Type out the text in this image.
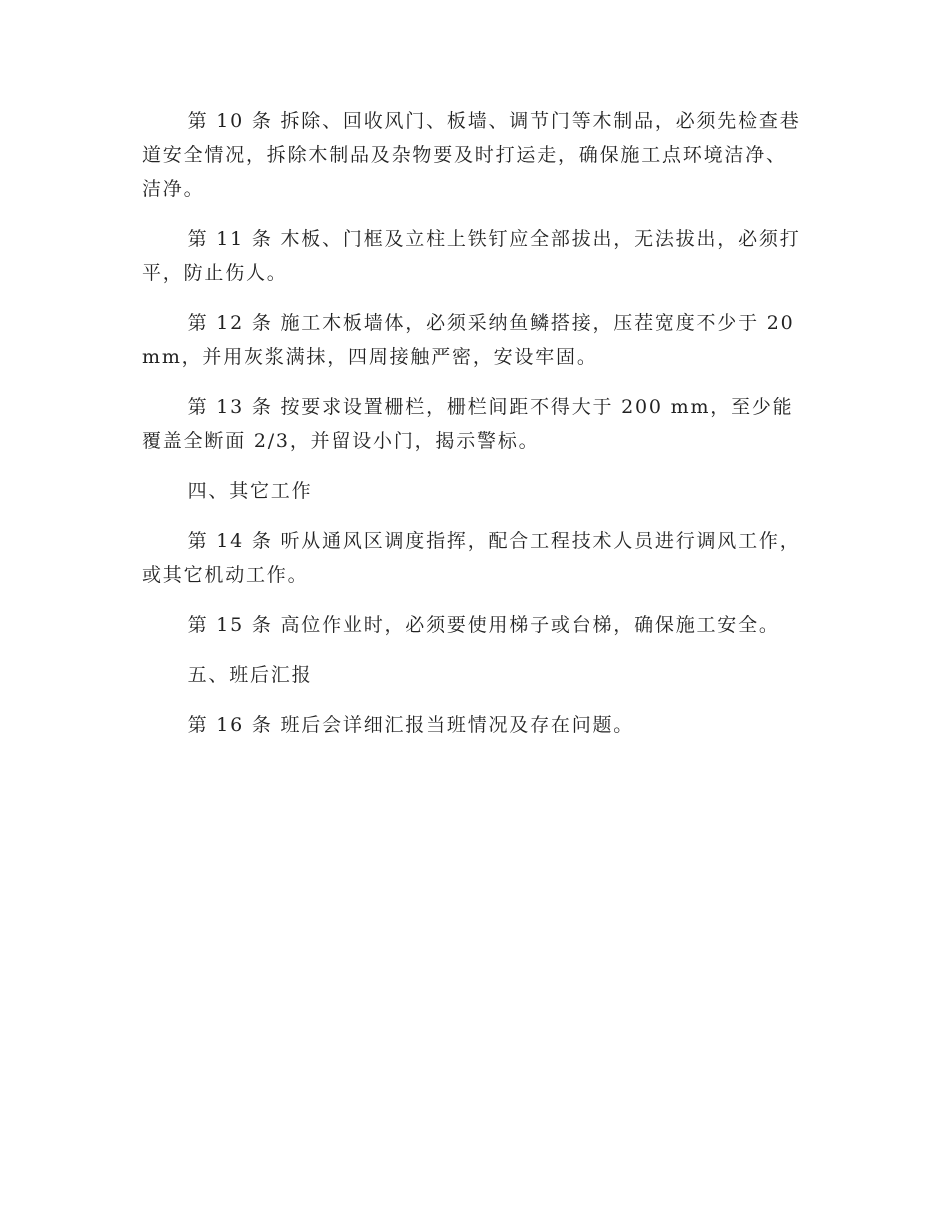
第 10 条 拆除、回收风门、板墙、调节门等木制品，必须先检查巷道安全情况，拆除木制品及杂物要及时打运走，确保施工点环境洁净、洁净。

第 11 条 木板、门框及立柱上铁钉应全部拔出，无法拔出，必须打平，防止伤人。

第 12 条 施工木板墙体，必须采纳鱼鳞搭接，压茬宽度不少于 20 mm，并用灰浆满抹，四周接触严密，安设牢固。

第 13 条 按要求设置栅栏，栅栏间距不得大于 200 mm，至少能覆盖全断面 2/3，并留设小门，揭示警标。

四、其它工作

第 14 条 听从通风区调度指挥，配合工程技术人员进行调风工作，或其它机动工作。

第 15 条 高位作业时，必须要使用梯子或台梯，确保施工安全。

五、班后汇报

第 16 条 班后会详细汇报当班情况及存在问题。
